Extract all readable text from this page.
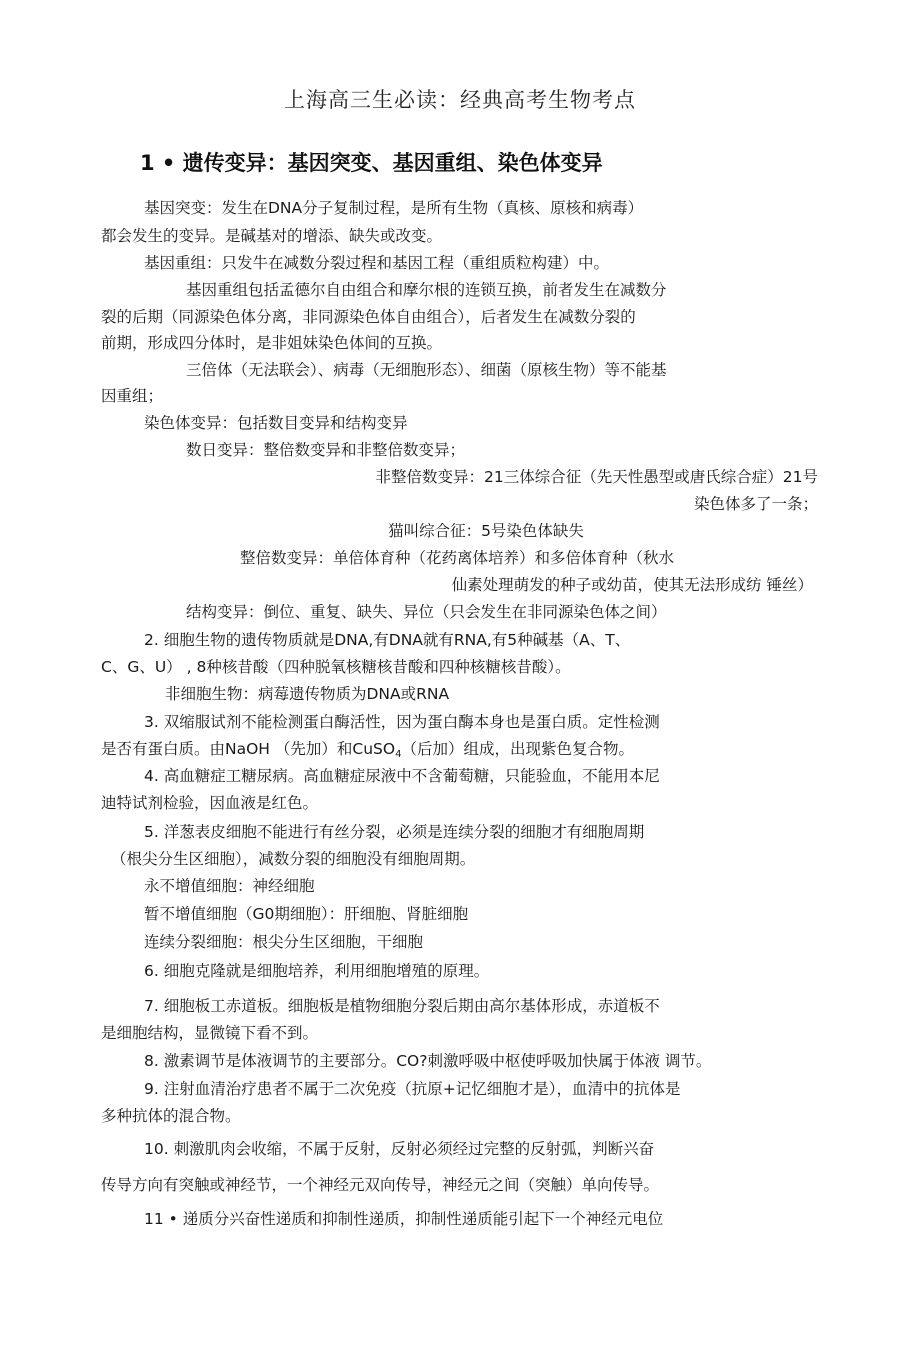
上海高三生必读：经典高考生物考点
1 • 遗传变异：基因突变、基因重组、染色体变异
基因突变：发生在DNA分子复制过程，是所有生物（真核、原核和病毒）
都会发生的变异。是碱基对的增添、缺失或改变。
基因重组：只发牛在减数分裂过程和基因工程（重组质粒构建）中。
基因重组包括孟德尔自由组合和摩尔根的连锁互换，前者发生在减数分
裂的后期（同源染色体分离，非同源染色体自由组合），后者发生在减数分裂的
前期，形成四分体时，是非姐妹染色体间的互换。
三倍体（无法联会）、病毒（无细胞形态）、细菌（原核生物）等不能基
因重组；
染色体变异：包括数目变异和结构变异
数日变异：整倍数变异和非整倍数变异；
非整倍数变异：21三体综合征（先天性愚型或唐氏综合症）21号
染色体多了一条；
猫叫综合征：5号染色体缺失
整倍数变异：单倍体育种（花药离体培养）和多倍体育种（秋水
仙素处理萌发的种子或幼苗，使其无法形成纺 锤丝）
结构变异：倒位、重复、缺失、异位（只会发生在非同源染色体之间）
2. 细胞生物的遗传物质就是DNA,有DNA就有RNA,有5种碱基（A、T、
C、G、U） , 8种核昔酸（四种脱氧核糖核昔酸和四种核糖核昔酸）。
非细胞生物：病莓遗传物质为DNA或RNA
3. 双缩服试剂不能检测蛋白酶活性，因为蛋白酶本身也是蛋白质。定性检测
是否有蛋白质。由NaOH （先加）和CuSO$_4$（后加）组成，出现紫色复合物。
4. 高血糖症工糖尿病。高血糖症尿液中不含葡萄糖，只能验血，不能用本尼
迪特试剂检验，因血液是红色。
5. 洋葱表皮细胞不能进行有丝分裂，必须是连续分裂的细胞才有细胞周期
（根尖分生区细胞），减数分裂的细胞没有细胞周期。
永不增值细胞：神经细胞
暂不增值细胞（G0期细胞）：肝细胞、肾脏细胞
连续分裂细胞：根尖分生区细胞，干细胞
6. 细胞克隆就是细胞培养，利用细胞增殖的原理。
7. 细胞板工赤道板。细胞板是植物细胞分裂后期由高尔基体形成，赤道板不
是细胞结构，显微镜下看不到。
8. 激素调节是体液调节的主要部分。CO?刺激呼吸中枢使呼吸加快属于体液 调节。
9. 注射血清治疗患者不属于二次免疫（抗原+记忆细胞才是），血清中的抗体是
多种抗体的混合物。
10. 刺激肌肉会收缩，不属于反射，反射必须经过完整的反射弧，判断兴奋
传导方向有突触或神经节，一个神经元双向传导，神经元之间（突触）单向传导。
11 • 递质分兴奋性递质和抑制性递质，抑制性递质能引起下一个神经元电位
